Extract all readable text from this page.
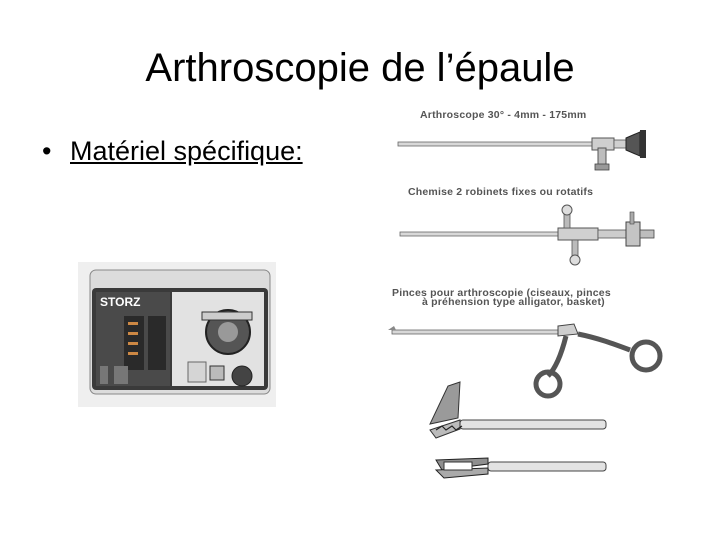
Arthroscopie de l’épaule
• Matériel spécifique:
Arthroscope 30° - 4mm - 175mm
Chemise 2 robinets fixes ou rotatifs
Pinces pour arthroscopie (ciseaux, pinces
à préhension type alligator, basket)
STORZ
